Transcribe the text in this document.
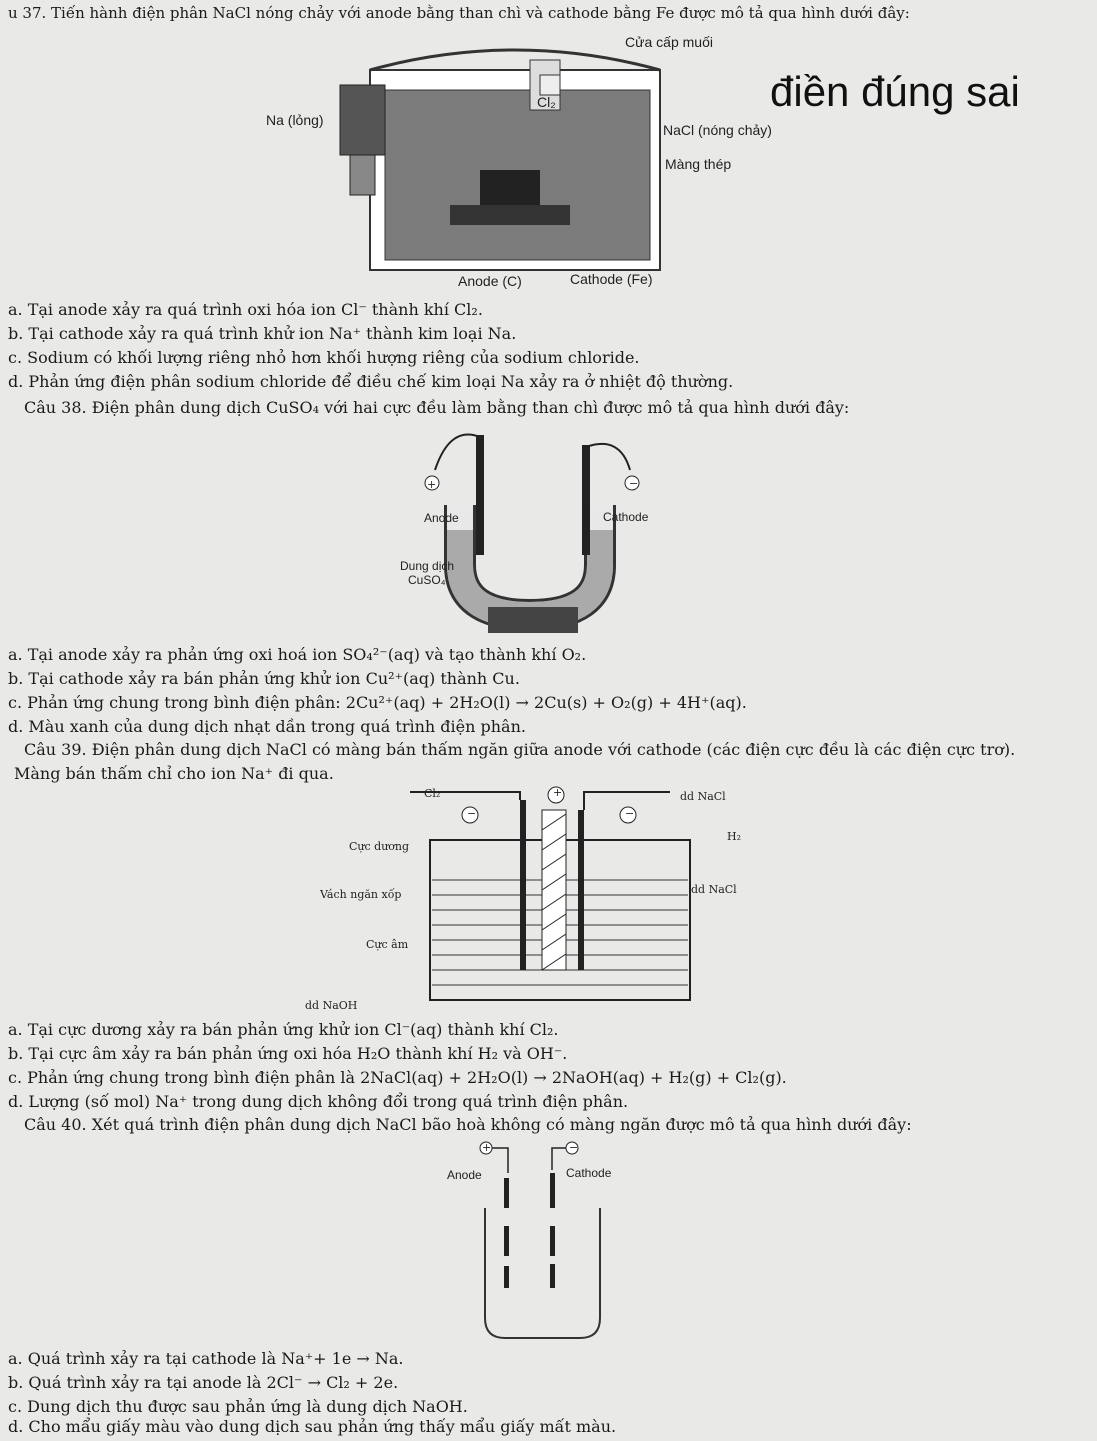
u 37. Tiến hành điện phân NaCl nóng chảy với anode bằng than chì và cathode bằng Fe được mô tả qua hình dưới đây:
điền đúng sai
Cửa cấp muối
Cl₂
Na (lỏng)
NaCl (nóng chảy)
Màng thép
Anode (C)	Cathode (Fe)
a. Tại anode xảy ra quá trình oxi hóa ion Cl⁻ thành khí Cl₂.
b. Tại cathode xảy ra quá trình khử ion Na⁺ thành kim loại Na.
c. Sodium có khối lượng riêng nhỏ hơn khối hượng riêng của sodium chloride.
d. Phản ứng điện phân sodium chloride để điều chế kim loại Na xảy ra ở nhiệt độ thường.
Câu 38. Điện phân dung dịch CuSO₄ với hai cực đều làm bằng than chì được mô tả qua hình dưới đây:
+	−
Anode	Cathode
Dung dịch
CuSO₄
a. Tại anode xảy ra phản ứng oxi hoá ion SO₄²⁻(aq) và tạo thành khí O₂.
b. Tại cathode xảy ra bán phản ứng khử ion Cu²⁺(aq) thành Cu.
c. Phản ứng chung trong bình điện phân: 2Cu²⁺(aq) + 2H₂O(l) → 2Cu(s) + O₂(g) + 4H⁺(aq).
d. Màu xanh của dung dịch nhạt dần trong quá trình điện phân.
Câu 39. Điện phân dung dịch NaCl có màng bán thấm ngăn giữa anode với cathode (các điện cực đều là các điện cực trơ).
Màng bán thấm chỉ cho ion Na⁺ đi qua.
Cl₂	+
−	−
dd NaCl
H₂
Cực dương
dd NaCl
Vách ngăn xốp
Cực âm
dd NaOH
a. Tại cực dương xảy ra bán phản ứng khử ion Cl⁻(aq) thành khí Cl₂.
b. Tại cực âm xảy ra bán phản ứng oxi hóa H₂O thành khí H₂ và OH⁻.
c. Phản ứng chung trong bình điện phân là 2NaCl(aq) + 2H₂O(l) → 2NaOH(aq) + H₂(g) + Cl₂(g).
d. Lượng (số mol) Na⁺ trong dung dịch không đổi trong quá trình điện phân.
Câu 40. Xét quá trình điện phân dung dịch NaCl bão hoà không có màng ngăn được mô tả qua hình dưới đây:
+	−
Anode	Cathode
a. Quá trình xảy ra tại cathode là Na⁺+ 1e → Na.
b. Quá trình xảy ra tại anode là 2Cl⁻ → Cl₂ + 2e.
c. Dung dịch thu được sau phản ứng là dung dịch NaOH.
d. Cho mẩu giấy màu vào dung dịch sau phản ứng thấy mẩu giấy mất màu.
